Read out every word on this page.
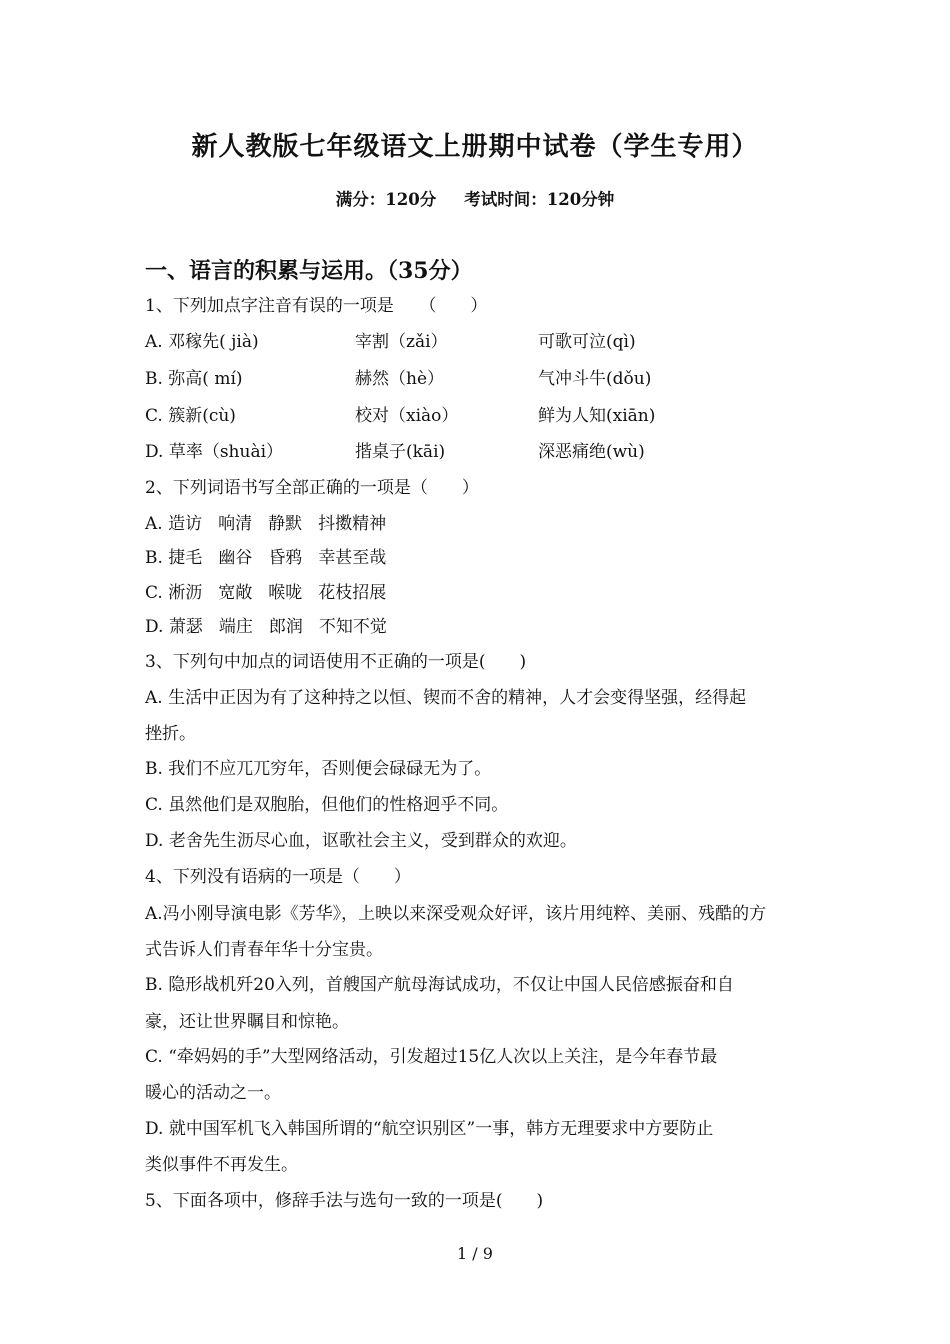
新人教版七年级语文上册期中试卷（学生专用）
满分：120分 考试时间：120分钟
一、语言的积累与运用。（35分）
1、下列加点字注音有误的一项是　　（　　）
A. 邓稼先( jià)	宰割（zǎi）	可歌可泣(qì)
B. 弥高( mí)	赫然（hè）	气冲斗牛(dǒu)
C. 簇新(cù)	校对（xiào）	鲜为人知(xiān)
D. 草率（shuài）	揩桌子(kāi)	深恶痛绝(wù)
2、下列词语书写全部正确的一项是（　　）
A. 造访 响清 静默 抖擞精神
B. 捷毛 幽谷 昏鸦 幸甚至哉
C. 淅沥 宽敞 喉咙 花枝招展
D. 萧瑟 端庄 郎润 不知不觉
3、下列句中加点的词语使用不正确的一项是(　　)
A. 生活中正因为有了这种持之以恒、锲而不舍的精神，人才会变得坚强，经得起
挫折。
B. 我们不应兀兀穷年，否则便会碌碌无为了。
C. 虽然他们是双胞胎，但他们的性格迥乎不同。
D. 老舍先生沥尽心血，讴歌社会主义，受到群众的欢迎。
4、下列没有语病的一项是（　　）
A.冯小刚导演电影《芳华》，上映以来深受观众好评，该片用纯粹、美丽、残酷的方
式告诉人们青春年华十分宝贵。
B. 隐形战机歼20入列，首艘国产航母海试成功，不仅让中国人民倍感振奋和自
豪，还让世界瞩目和惊艳。
C. “牵妈妈的手”大型网络活动，引发超过15亿人次以上关注，是今年春节最
暖心的活动之一。
D. 就中国军机飞入韩国所谓的“航空识别区”一事，韩方无理要求中方要防止
类似事件不再发生。
5、下面各项中，修辞手法与选句一致的一项是(　　)
1 / 9
